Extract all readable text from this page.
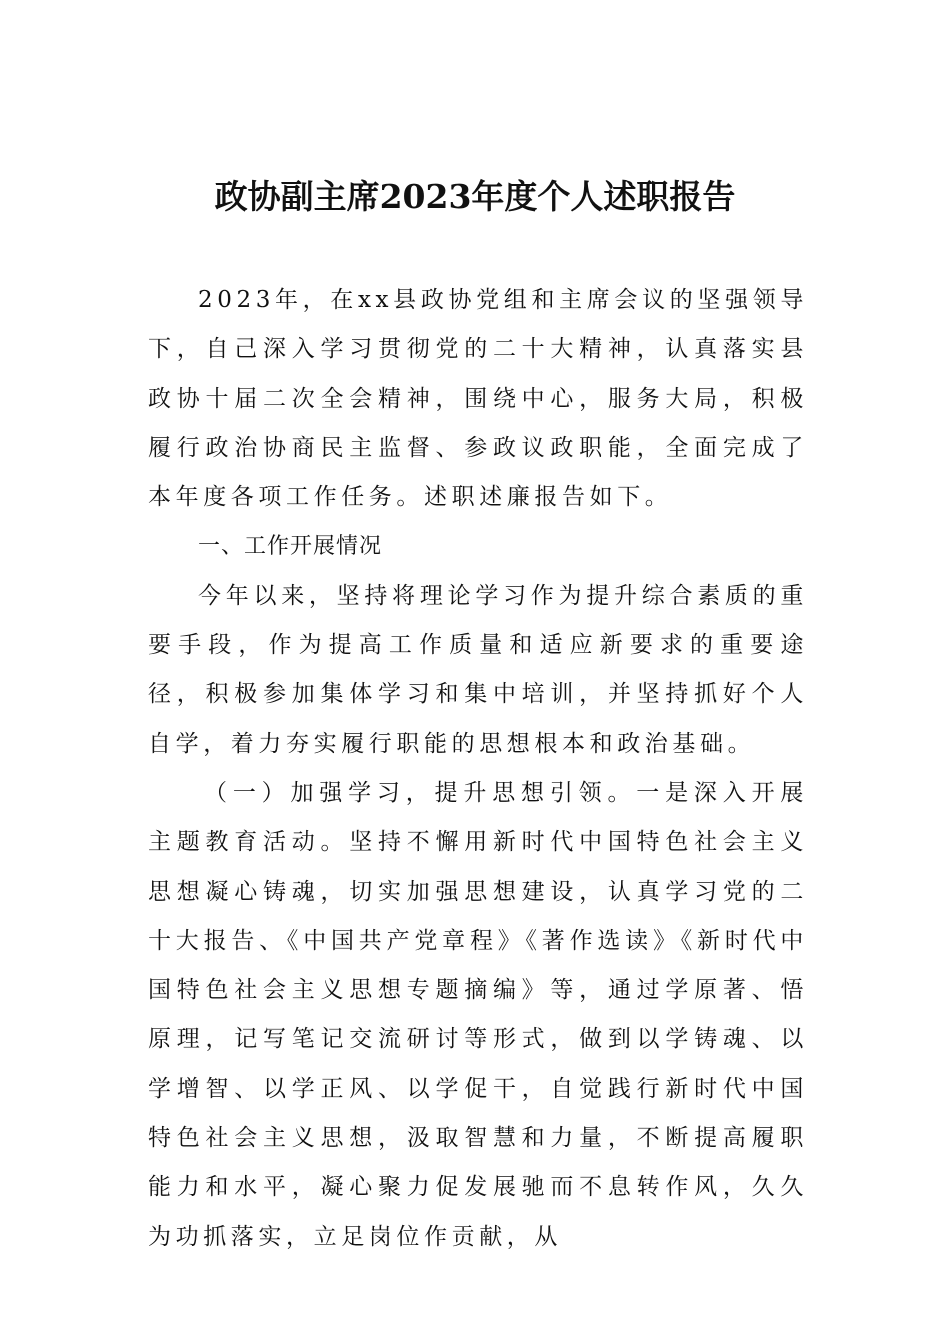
政协副主席2023年度个人述职报告

2023年，在xx县政协党组和主席会议的坚强领导下，自己深入学习贯彻党的二十大精神，认真落实县政协十届二次全会精神，围绕中心，服务大局，积极履行政治协商民主监督、参政议政职能，全面完成了本年度各项工作任务。述职述廉报告如下。

一、工作开展情况

今年以来，坚持将理论学习作为提升综合素质的重要手段，作为提高工作质量和适应新要求的重要途径，积极参加集体学习和集中培训，并坚持抓好个人自学，着力夯实履行职能的思想根本和政治基础。

（一）加强学习，提升思想引领。一是深入开展主题教育活动。坚持不懈用新时代中国特色社会主义思想凝心铸魂，切实加强思想建设，认真学习党的二十大报告、《中国共产党章程》《著作选读》《新时代中国特色社会主义思想专题摘编》等，通过学原著、悟原理，记写笔记交流研讨等形式，做到以学铸魂、以学增智、以学正风、以学促干，自觉践行新时代中国特色社会主义思想，汲取智慧和力量，不断提高履职能力和水平，凝心聚力促发展驰而不息转作风，久久为功抓落实，立足岗位作贡献，从
